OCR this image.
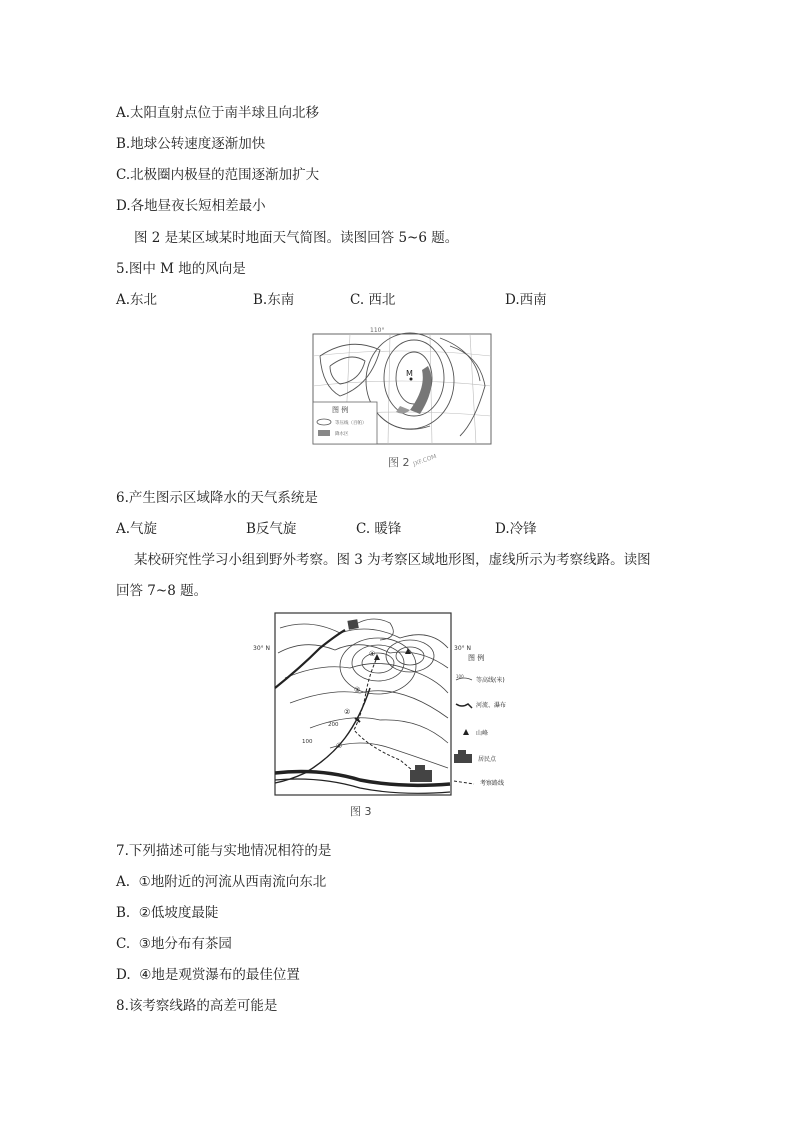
A.太阳直射点位于南半球且向北移
B.地球公转速度逐渐加快
C.北极圈内极昼的范围逐渐加扩大
D.各地昼夜长短相差最小
图 2 是某区域某时地面天气简图。读图回答 5~6 题。
5.图中 M 地的风向是
A.东北	B.东南	C. 西北	D.西南
M
110°
图 例
等压线（百帕）
降水区
图 2 JXF.COM
6.产生图示区域降水的天气系统是
A.气旋	B反气旋	C. 暖锋	D.冷锋
某校研究性学习小组到野外考察。图 3 为考察区域地形图，虚线所示为考察线路。读图
回答 7~8 题。
30° N	30° N
④
③
②
①
100
200
图 例
100
等高线(米)
河流、瀑布
山峰
居民点
考察路线
图 3
7.下列描述可能与实地情况相符的是
A.  ①地附近的河流从西南流向东北
B.  ②低坡度最陡
C.  ③地分布有茶园
D.  ④地是观赏瀑布的最佳位置
8.该考察线路的高差可能是
